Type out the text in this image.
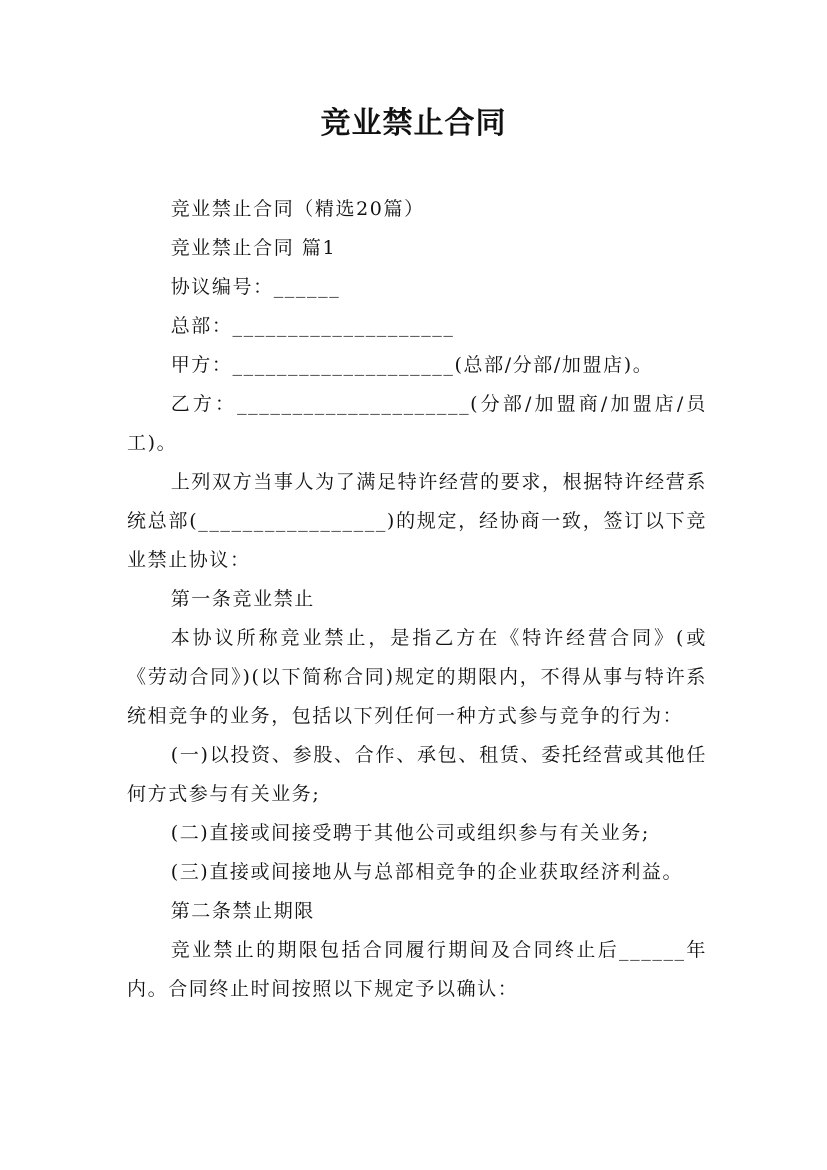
竞业禁止合同

竞业禁止合同（精选20篇）

竞业禁止合同 篇1

协议编号：______

总部：____________________

甲方：____________________(总部/分部/加盟店)。

乙方：_____________________(分部/加盟商/加盟店/员工)。

上列双方当事人为了满足特许经营的要求，根据特许经营系统总部(_________________)的规定，经协商一致，签订以下竞业禁止协议：

第一条竞业禁止

本协议所称竞业禁止，是指乙方在《特许经营合同》(或《劳动合同》)(以下简称合同)规定的期限内，不得从事与特许系统相竞争的业务，包括以下列任何一种方式参与竞争的行为：

(一)以投资、参股、合作、承包、租赁、委托经营或其他任何方式参与有关业务;

(二)直接或间接受聘于其他公司或组织参与有关业务;

(三)直接或间接地从与总部相竞争的企业获取经济利益。

第二条禁止期限

竞业禁止的期限包括合同履行期间及合同终止后______年内。合同终止时间按照以下规定予以确认：
